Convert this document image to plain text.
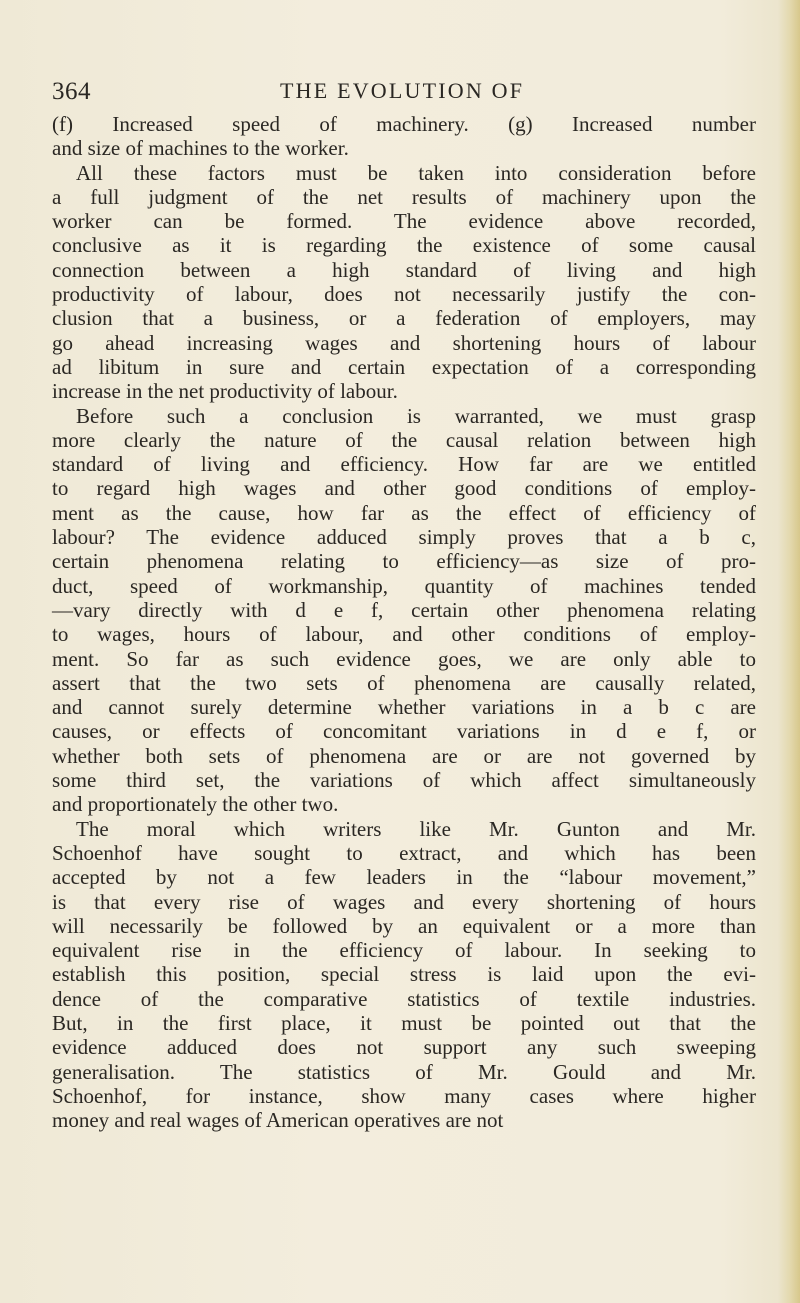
364	THE EVOLUTION OF
(f) Increased speed of machinery. (g) Increased number
and size of machines to the worker.
All these factors must be taken into consideration before
a full judgment of the net results of machinery upon the
worker can be formed. The evidence above recorded,
conclusive as it is regarding the existence of some causal
connection between a high standard of living and high
productivity of labour, does not necessarily justify the con-
clusion that a business, or a federation of employers, may
go ahead increasing wages and shortening hours of labour
ad libitum in sure and certain expectation of a corresponding
increase in the net productivity of labour.
Before such a conclusion is warranted, we must grasp
more clearly the nature of the causal relation between high
standard of living and efficiency. How far are we entitled
to regard high wages and other good conditions of employ-
ment as the cause, how far as the effect of efficiency of
labour? The evidence adduced simply proves that a b c,
certain phenomena relating to efficiency—as size of pro-
duct, speed of workmanship, quantity of machines tended
—vary directly with d e f, certain other phenomena relating
to wages, hours of labour, and other conditions of employ-
ment. So far as such evidence goes, we are only able to
assert that the two sets of phenomena are causally related,
and cannot surely determine whether variations in a b c are
causes, or effects of concomitant variations in d e f, or
whether both sets of phenomena are or are not governed by
some third set, the variations of which affect simultaneously
and proportionately the other two.
The moral which writers like Mr. Gunton and Mr.
Schoenhof have sought to extract, and which has been
accepted by not a few leaders in the “labour movement,”
is that every rise of wages and every shortening of hours
will necessarily be followed by an equivalent or a more than
equivalent rise in the efficiency of labour. In seeking to
establish this position, special stress is laid upon the evi-
dence of the comparative statistics of textile industries.
But, in the first place, it must be pointed out that the
evidence adduced does not support any such sweeping
generalisation. The statistics of Mr. Gould and Mr.
Schoenhof, for instance, show many cases where higher
money and real wages of American operatives are not
